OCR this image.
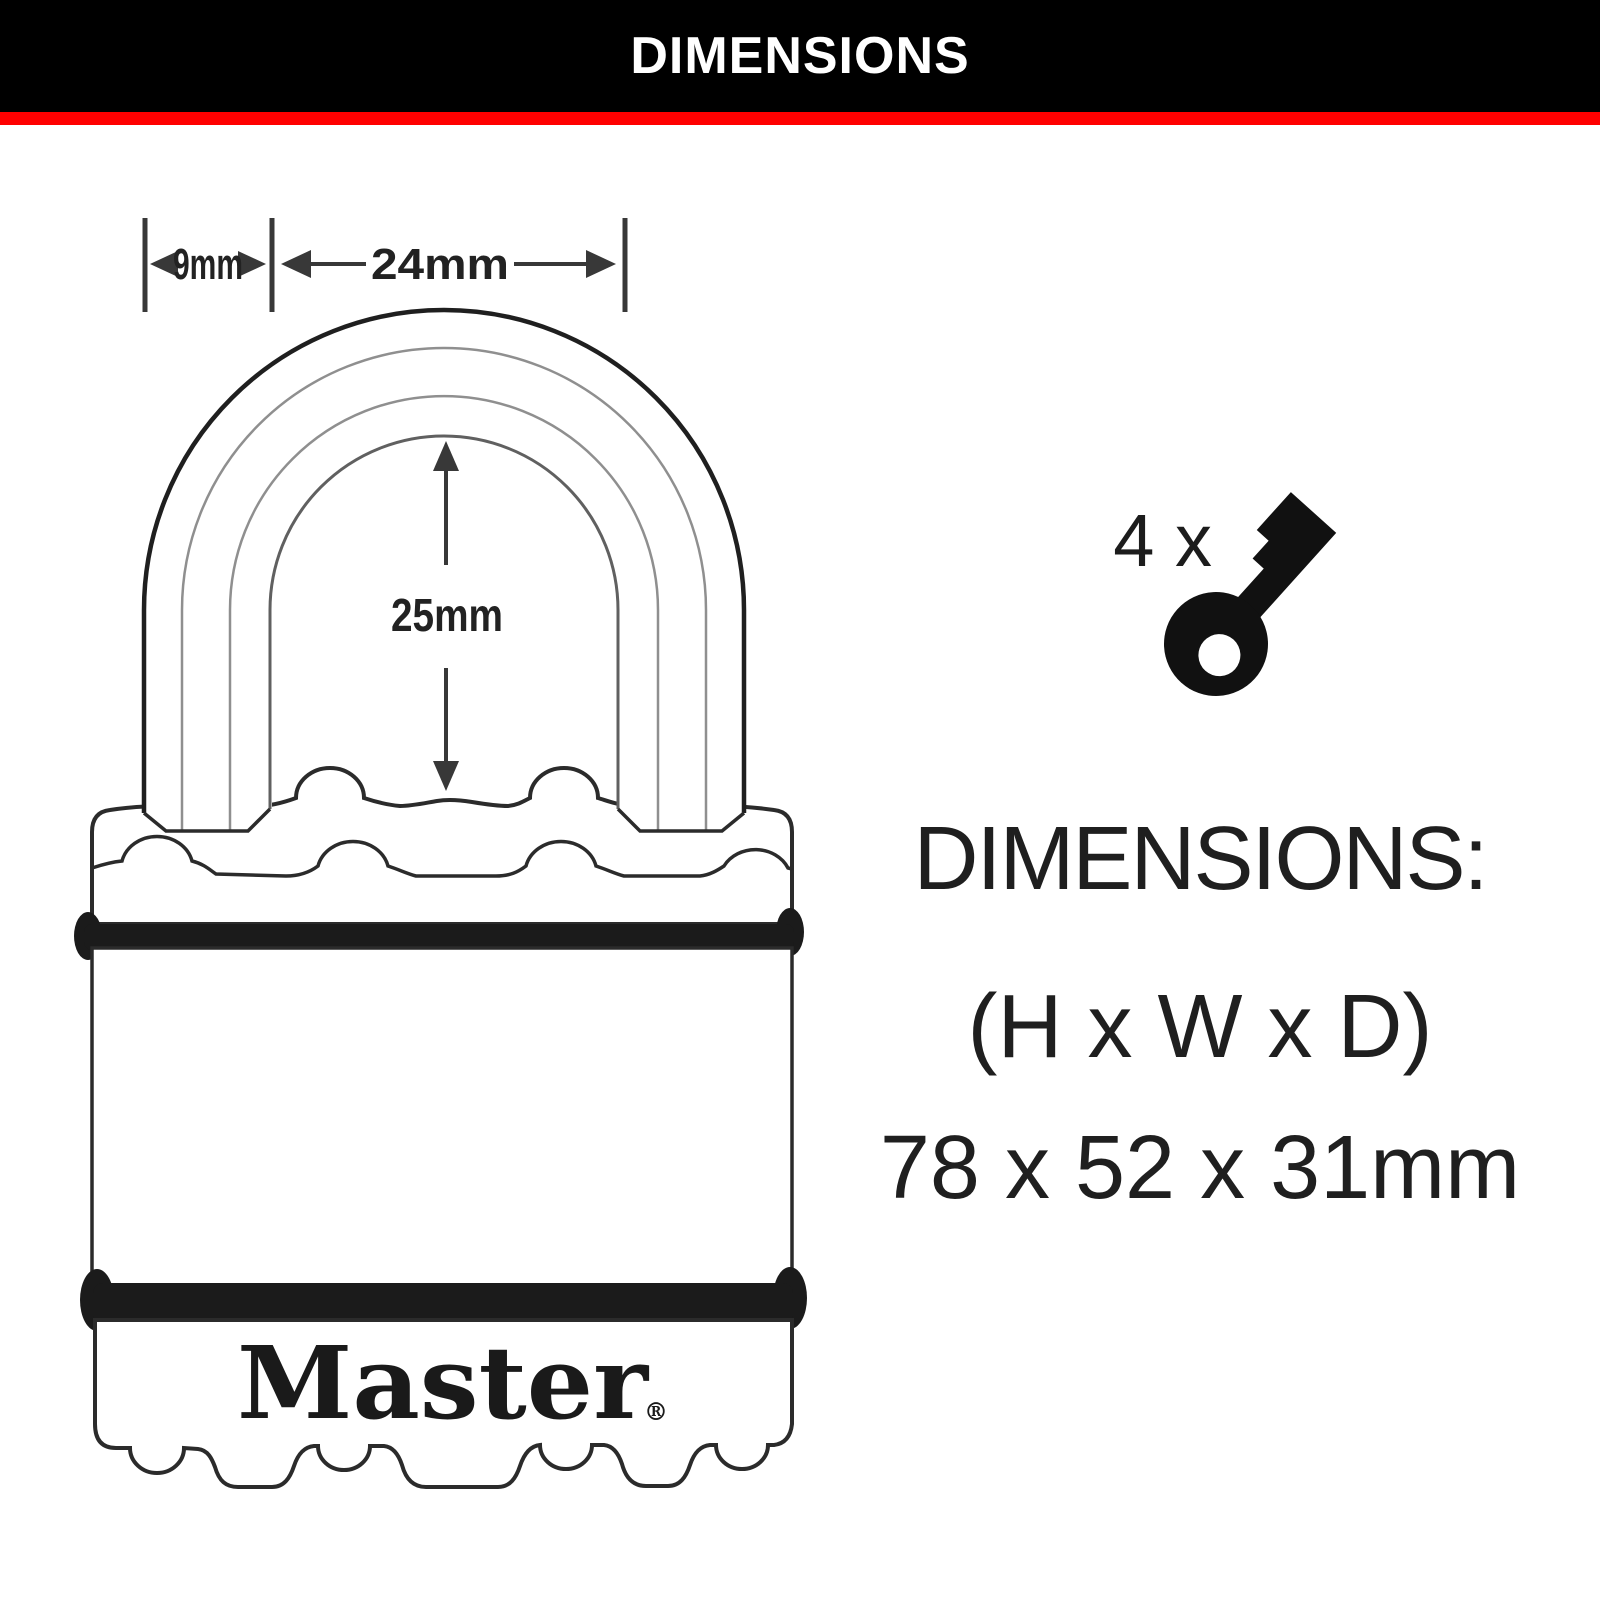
DIMENSIONS
9mm	24mm
Master
®
25mm
4 x
DIMENSIONS:
(H x W x D)
78 x 52 x 31mm
